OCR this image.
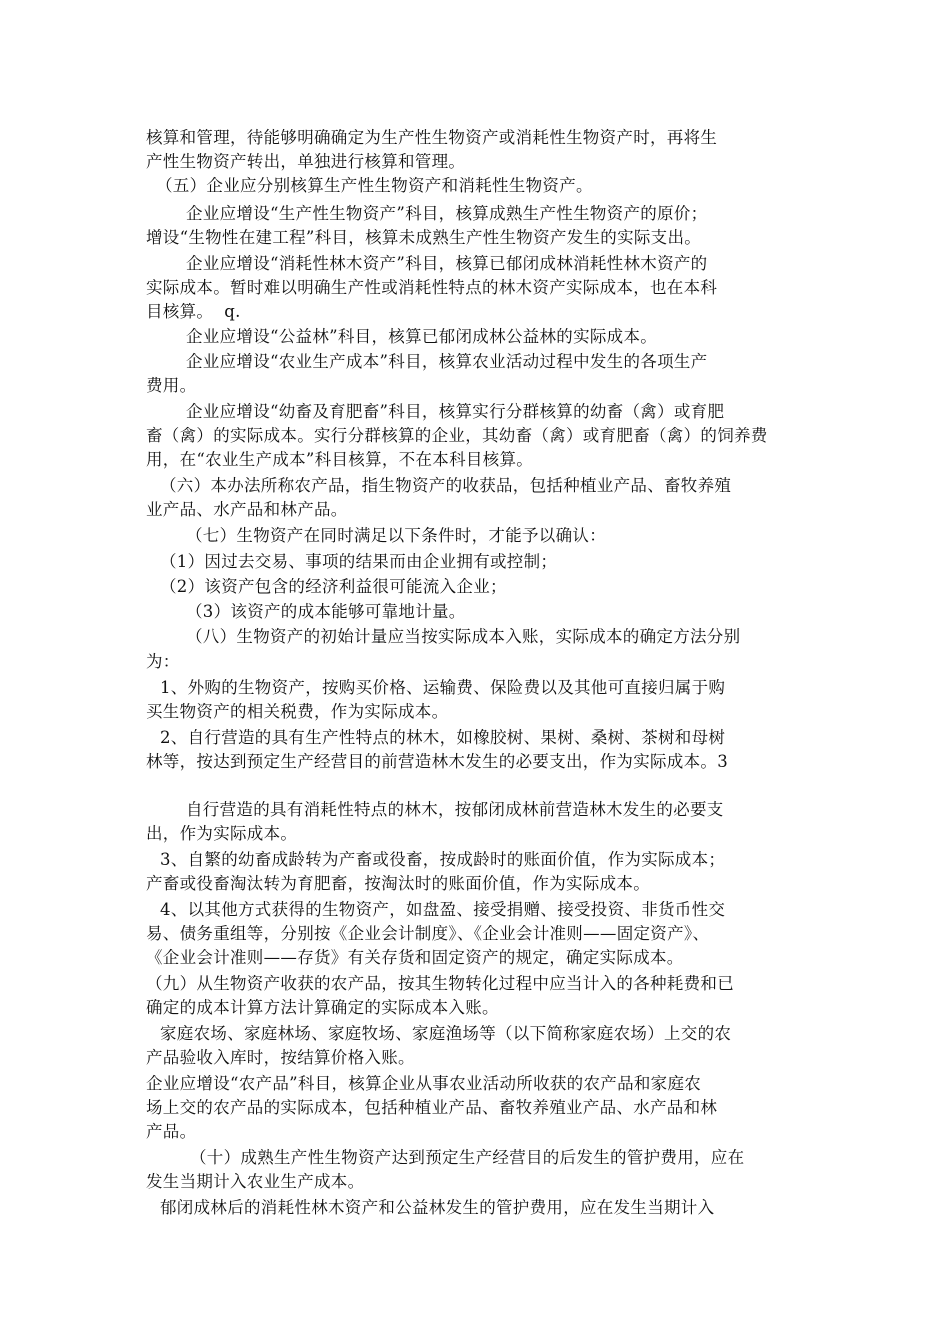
核算和管理，待能够明确确定为生产性生物资产或消耗性生物资产时，再将生
产性生物资产转出，单独进行核算和管理。
（五）企业应分别核算生产性生物资产和消耗性生物资产。
企业应增设“生产性生物资产”科目，核算成熟生产性生物资产的原价；
增设“生物性在建工程”科目，核算未成熟生产性生物资产发生的实际支出。
企业应增设“消耗性林木资产”科目，核算已郁闭成林消耗性林木资产的
实际成本。暂时难以明确生产性或消耗性特点的林木资产实际成本，也在本科
目核算。  q.
企业应增设“公益林”科目，核算已郁闭成林公益林的实际成本。
企业应增设“农业生产成本”科目，核算农业活动过程中发生的各项生产
费用。
企业应增设“幼畜及育肥畜”科目，核算实行分群核算的幼畜（禽）或育肥
畜（禽）的实际成本。实行分群核算的企业，其幼畜（禽）或育肥畜（禽）的饲养费
用，在“农业生产成本”科目核算，不在本科目核算。
（六）本办法所称农产品，指生物资产的收获品，包括种植业产品、畜牧养殖
业产品、水产品和林产品。
（七）生物资产在同时满足以下条件时，才能予以确认：
（1）因过去交易、事项的结果而由企业拥有或控制；
（2）该资产包含的经济利益很可能流入企业；
（3）该资产的成本能够可靠地计量。
（八）生物资产的初始计量应当按实际成本入账，实际成本的确定方法分别
为：
1、外购的生物资产，按购买价格、运输费、保险费以及其他可直接归属于购
买生物资产的相关税费，作为实际成本。
2、自行营造的具有生产性特点的林木，如橡胶树、果树、桑树、茶树和母树
林等，按达到预定生产经营目的前营造林木发生的必要支出，作为实际成本。3
自行营造的具有消耗性特点的林木，按郁闭成林前营造林木发生的必要支
出，作为实际成本。
3、自繁的幼畜成龄转为产畜或役畜，按成龄时的账面价值，作为实际成本；
产畜或役畜淘汰转为育肥畜，按淘汰时的账面价值，作为实际成本。
4、以其他方式获得的生物资产，如盘盈、接受捐赠、接受投资、非货币性交
易、债务重组等，分别按《企业会计制度》、《企业会计准则——固定资产》、
《企业会计准则——存货》有关存货和固定资产的规定，确定实际成本。
（九）从生物资产收获的农产品，按其生物转化过程中应当计入的各种耗费和已
确定的成本计算方法计算确定的实际成本入账。
家庭农场、家庭林场、家庭牧场、家庭渔场等（以下简称家庭农场）上交的农
产品验收入库时，按结算价格入账。
企业应增设“农产品”科目，核算企业从事农业活动所收获的农产品和家庭农
场上交的农产品的实际成本，包括种植业产品、畜牧养殖业产品、水产品和林
产品。
（十）成熟生产性生物资产达到预定生产经营目的后发生的管护费用，应在
发生当期计入农业生产成本。
郁闭成林后的消耗性林木资产和公益林发生的管护费用，应在发生当期计入
